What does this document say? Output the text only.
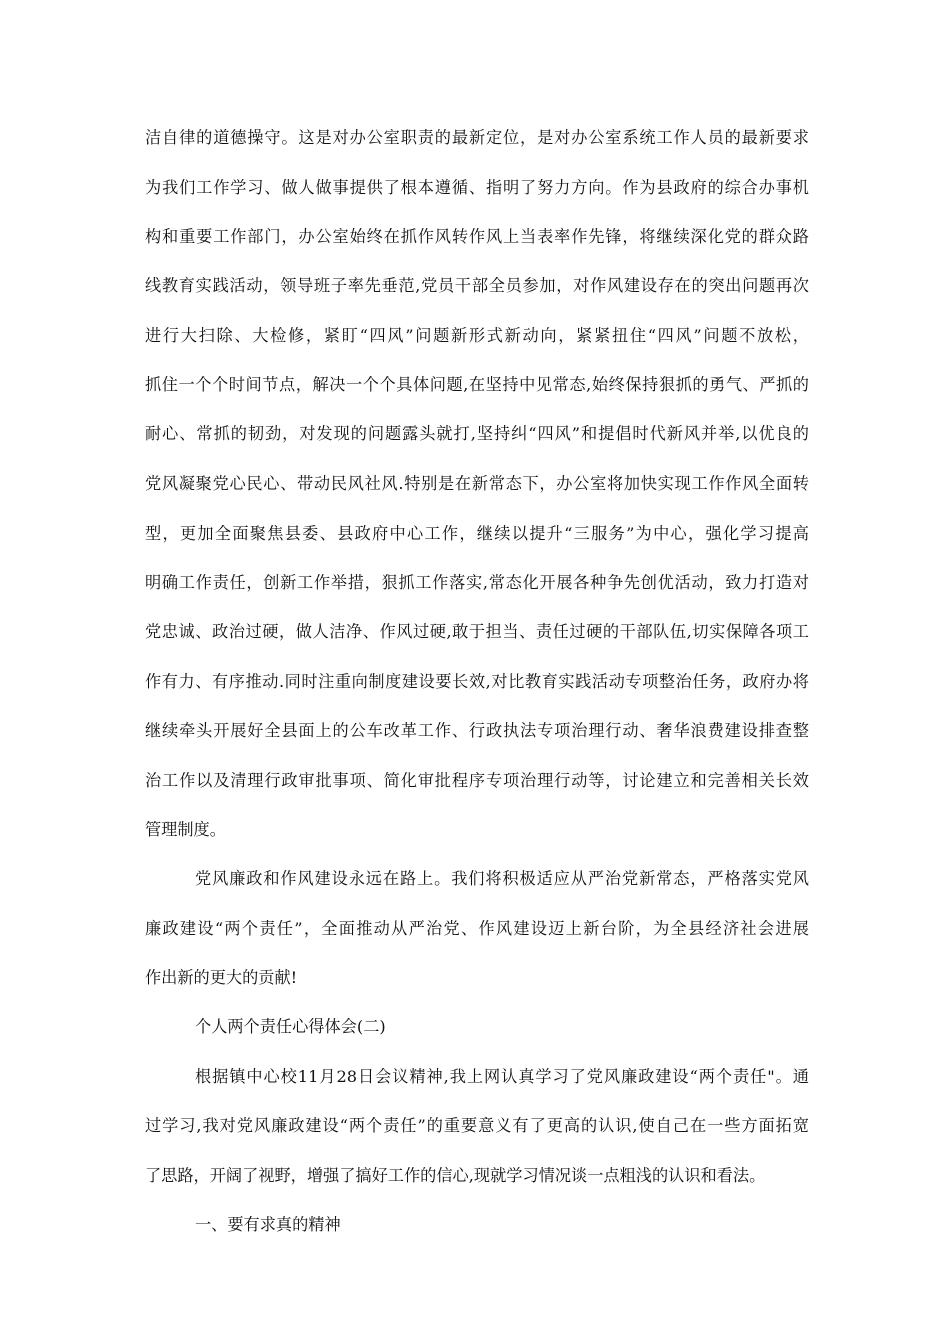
洁自律的道德操守。这是对办公室职责的最新定位，是对办公室系统工作人员的最新要求
为我们工作学习、做人做事提供了根本遵循、指明了努力方向。作为县政府的综合办事机
构和重要工作部门，办公室始终在抓作风转作风上当表率作先锋，将继续深化党的群众路
线教育实践活动，领导班子率先垂范,党员干部全员参加，对作风建设存在的突出问题再次
进行大扫除、大检修，紧盯“四风”问题新形式新动向，紧紧扭住“四风”问题不放松，
抓住一个个时间节点，解决一个个具体问题,在坚持中见常态,始终保持狠抓的勇气、严抓的
耐心、常抓的韧劲，对发现的问题露头就打,坚持纠“四风”和提倡时代新风并举,以优良的
党风凝聚党心民心、带动民风社风.特别是在新常态下，办公室将加快实现工作作风全面转
型，更加全面聚焦县委、县政府中心工作，继续以提升“三服务”为中心，强化学习提高
明确工作责任，创新工作举措，狠抓工作落实,常态化开展各种争先创优活动，致力打造对
党忠诚、政治过硬，做人洁净、作风过硬,敢于担当、责任过硬的干部队伍,切实保障各项工
作有力、有序推动.同时注重向制度建设要长效,对比教育实践活动专项整治任务，政府办将
继续牵头开展好全县面上的公车改革工作、行政执法专项治理行动、奢华浪费建设排查整
治工作以及清理行政审批事项、简化审批程序专项治理行动等，讨论建立和完善相关长效
管理制度。
党风廉政和作风建设永远在路上。我们将积极适应从严治党新常态，严格落实党风
廉政建设“两个责任”，全面推动从严治党、作风建设迈上新台阶，为全县经济社会进展
作出新的更大的贡献!
个人两个责任心得体会(二)
根据镇中心校11月28日会议精神,我上网认真学习了党风廉政建设“两个责任"。通
过学习,我对党风廉政建设“两个责任”的重要意义有了更高的认识,使自己在一些方面拓宽
了思路，开阔了视野，增强了搞好工作的信心,现就学习情况谈一点粗浅的认识和看法。
一、要有求真的精神
